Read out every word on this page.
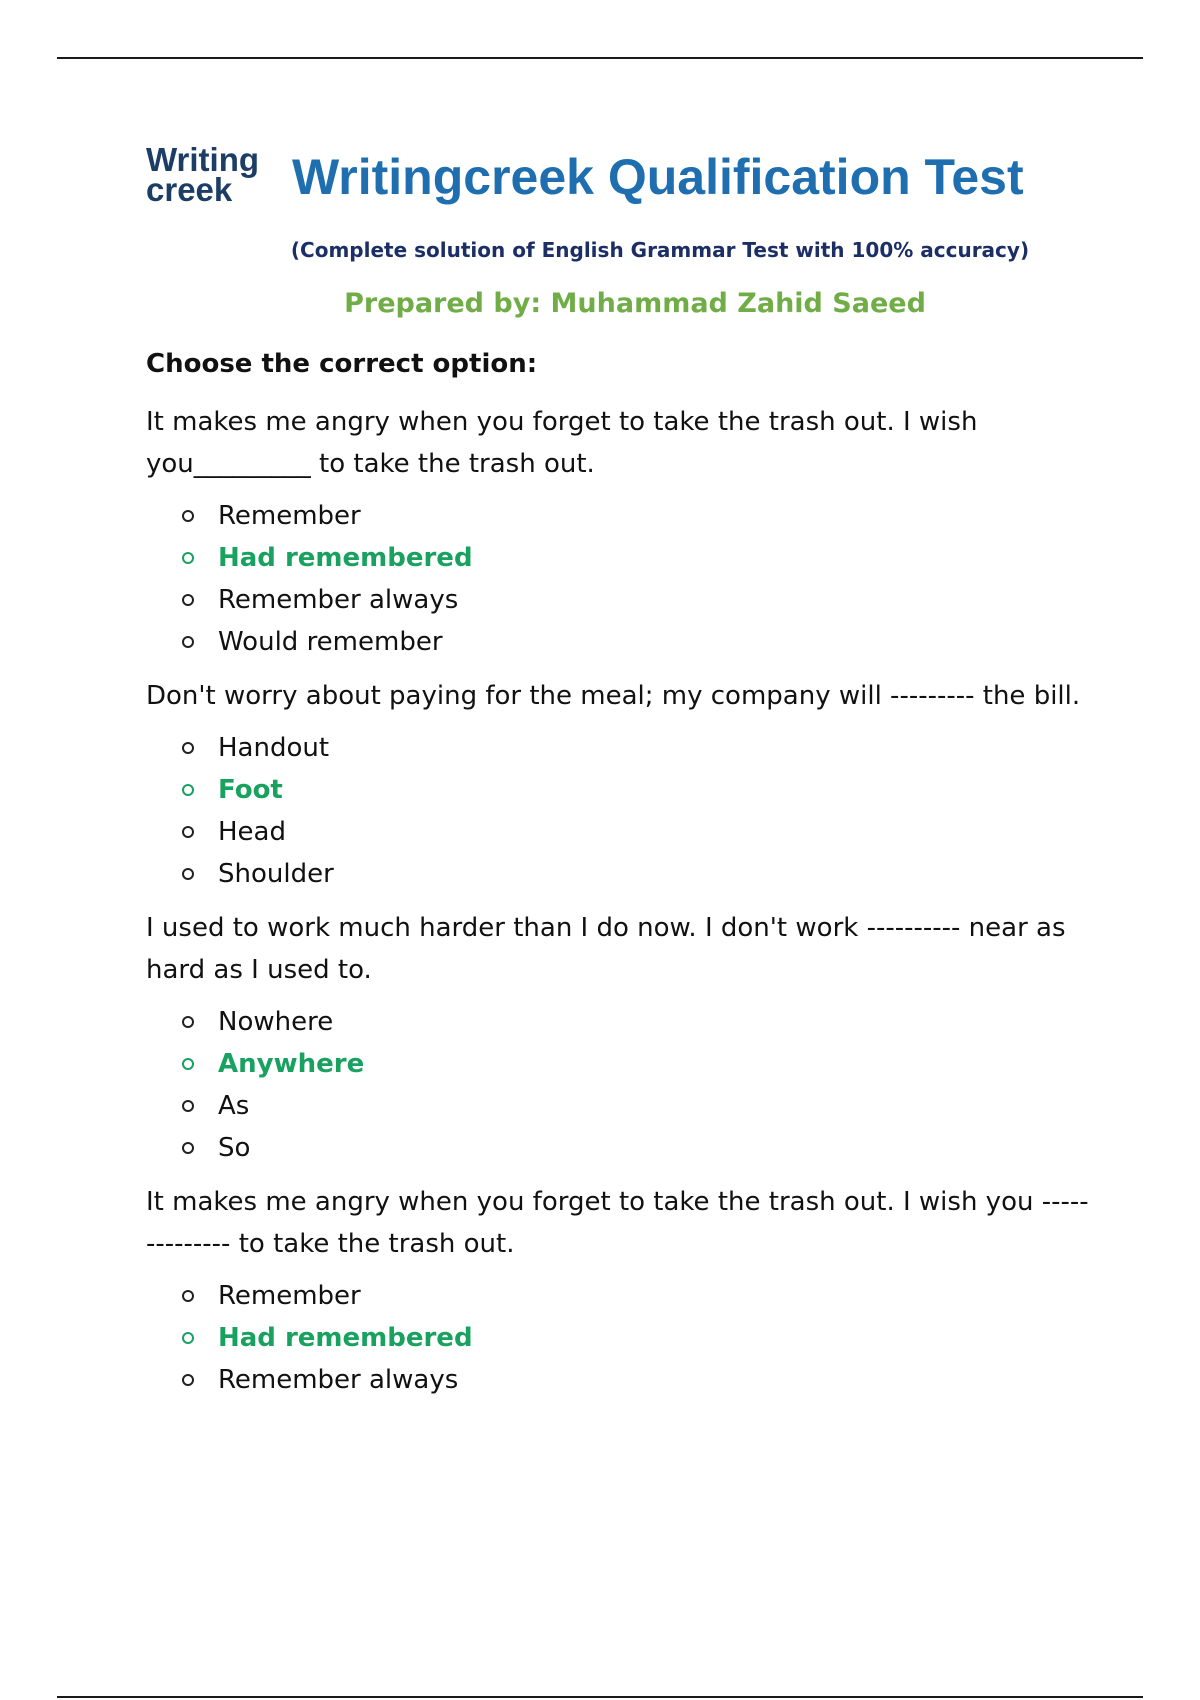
Writing
creek Writingcreek Qualification Test
(Complete solution of English Grammar Test with 100% accuracy)
Prepared by: Muhammad Zahid Saeed
Choose the correct option:
It makes me angry when you forget to take the trash out. I wish you_________ to take the trash out.
Remember
Had remembered
Remember always
Would remember
Don't worry about paying for the meal; my company will --------- the bill.
Handout
Foot
Head
Shoulder
I used to work much harder than I do now. I don't work ---------- near as hard as I used to.
Nowhere
Anywhere
As
So
It makes me angry when you forget to take the trash out. I wish you -------------- to take the trash out.
Remember
Had remembered
Remember always
